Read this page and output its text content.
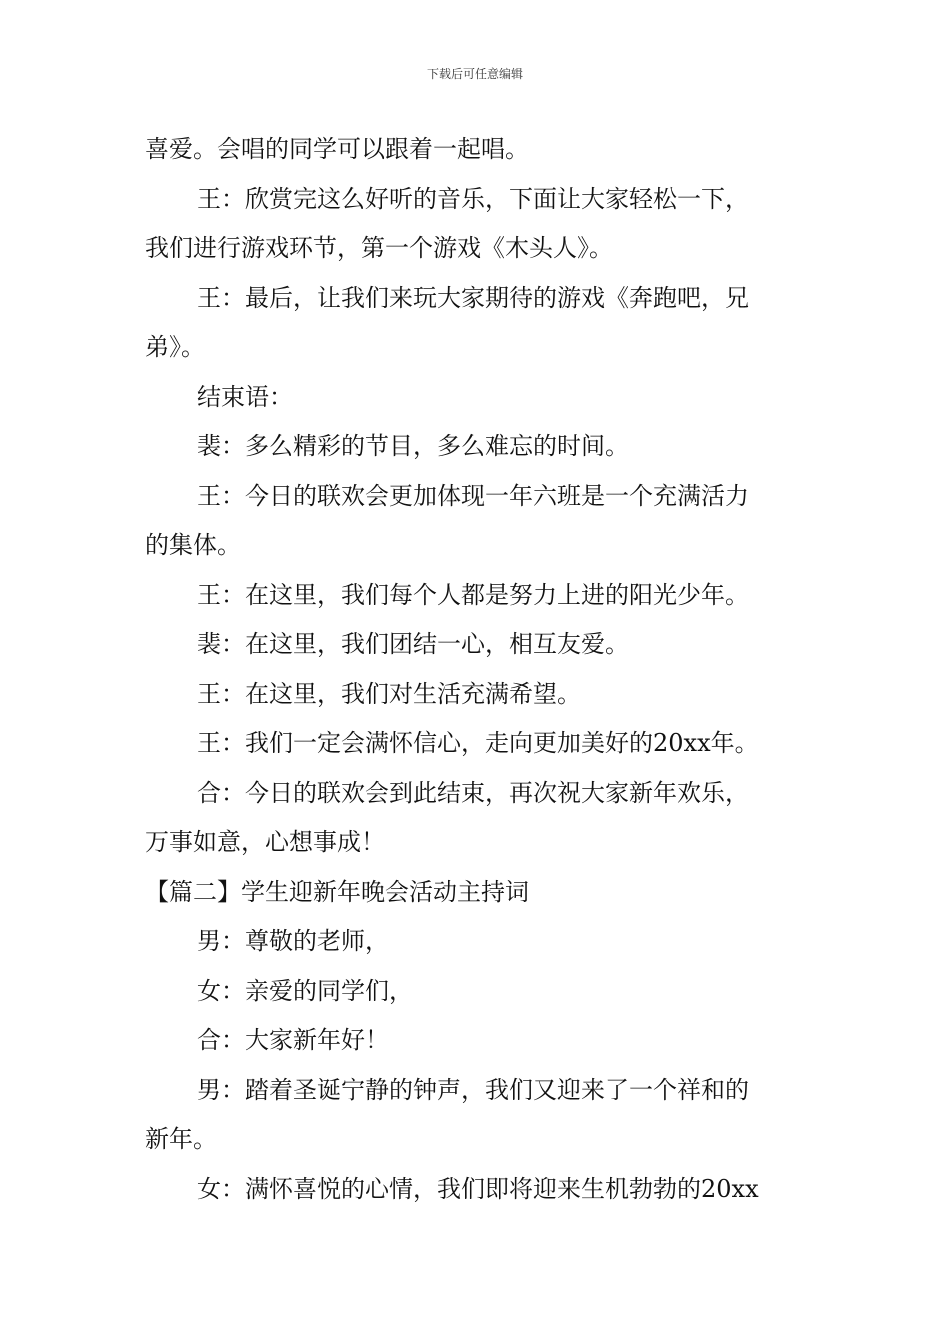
下载后可任意编辑
喜爱。会唱的同学可以跟着一起唱。
王：欣赏完这么好听的音乐，下面让大家轻松一下，
我们进行游戏环节，第一个游戏《木头人》。
王：最后，让我们来玩大家期待的游戏《奔跑吧，兄
弟》。
结束语：
裴：多么精彩的节目，多么难忘的时间。
王：今日的联欢会更加体现一年六班是一个充满活力
的集体。
王：在这里，我们每个人都是努力上进的阳光少年。
裴：在这里，我们团结一心，相互友爱。
王：在这里，我们对生活充满希望。
王：我们一定会满怀信心，走向更加美好的20xx年。
合：今日的联欢会到此结束，再次祝大家新年欢乐，
万事如意，心想事成！
【篇二】学生迎新年晚会活动主持词
男：尊敬的老师，
女：亲爱的同学们，
合：大家新年好！
男：踏着圣诞宁静的钟声，我们又迎来了一个祥和的
新年。
女：满怀喜悦的心情，我们即将迎来生机勃勃的20xx
